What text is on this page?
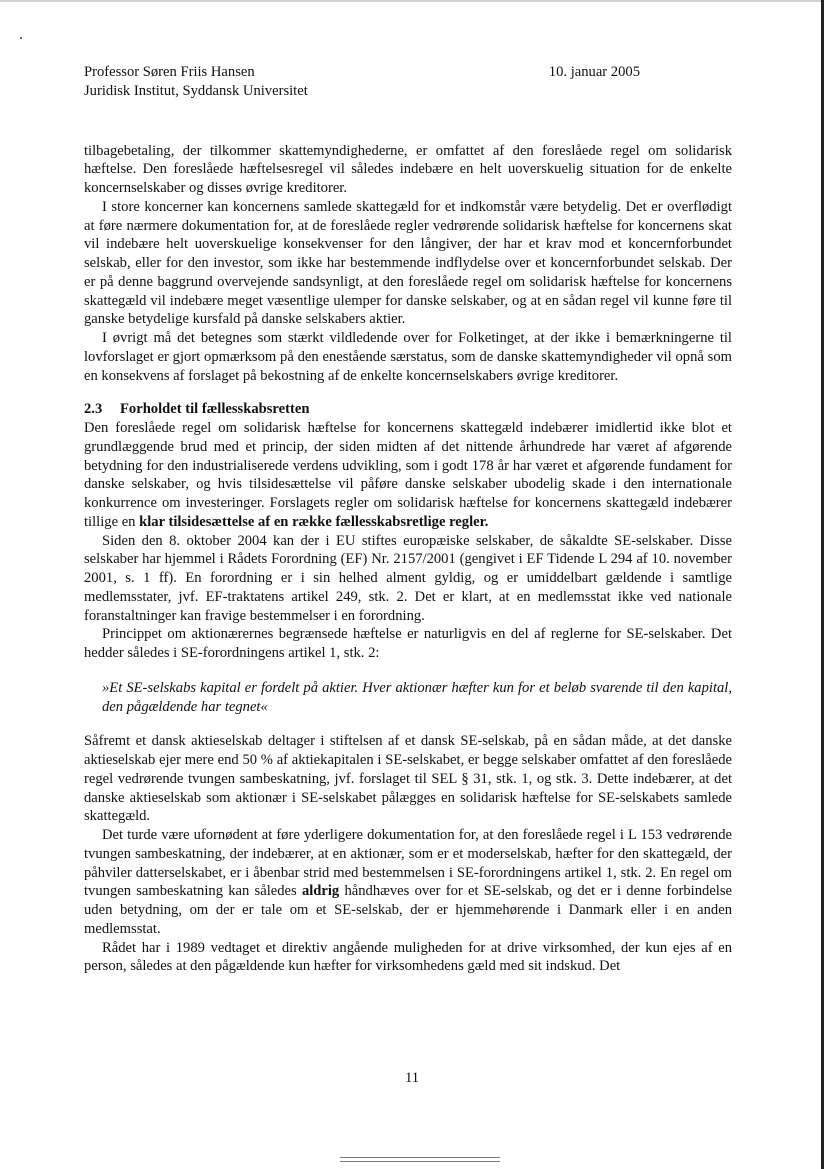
Professor Søren Friis Hansen
Juridisk Institut, Syddansk Universitet
10. januar 2005

tilbagebetaling, der tilkommer skattemyndighederne, er omfattet af den foreslåede regel om solidarisk hæftelse. Den foreslåede hæftelsesregel vil således indebære en helt uoverskuelig situation for de enkelte koncernselskaber og disses øvrige kreditorer.

I store koncerner kan koncernens samlede skattegæld for et indkomstår være betydelig. Det er overflødigt at føre nærmere dokumentation for, at de foreslåede regler vedrørende solidarisk hæftelse for koncernens skat vil indebære helt uoverskuelige konsekvenser for den långiver, der har et krav mod et koncernforbundet selskab, eller for den investor, som ikke har bestemmende indflydelse over et koncernforbundet selskab. Der er på denne baggrund overvejende sandsynligt, at den foreslåede regel om solidarisk hæftelse for koncernens skattegæld vil indebære meget væsentlige ulemper for danske selskaber, og at en sådan regel vil kunne føre til ganske betydelige kursfald på danske selskabers aktier.

I øvrigt må det betegnes som stærkt vildledende over for Folketinget, at der ikke i bemærkningerne til lovforslaget er gjort opmærksom på den enestående særstatus, som de danske skattemyndigheder vil opnå som en konsekvens af forslaget på bekostning af de enkelte koncernselskabers øvrige kreditorer.

2.3 Forholdet til fællesskabsretten

Den foreslåede regel om solidarisk hæftelse for koncernens skattegæld indebærer imidlertid ikke blot et grundlæggende brud med et princip, der siden midten af det nittende århundrede har været af afgørende betydning for den industrialiserede verdens udvikling, som i godt 178 år har været et afgørende fundament for danske selskaber, og hvis tilsidesættelse vil påføre danske selskaber ubodelig skade i den internationale konkurrence om investeringer. Forslagets regler om solidarisk hæftelse for koncernens skattegæld indebærer tillige en klar tilsidesættelse af en række fællesskabsretlige regler.

Siden den 8. oktober 2004 kan der i EU stiftes europæiske selskaber, de såkaldte SE-selskaber. Disse selskaber har hjemmel i Rådets Forordning (EF) Nr. 2157/2001 (gengivet i EF Tidende L 294 af 10. november 2001, s. 1 ff). En forordning er i sin helhed alment gyldig, og er umiddelbart gældende i samtlige medlemsstater, jvf. EF-traktatens artikel 249, stk. 2. Det er klart, at en medlemsstat ikke ved nationale foranstaltninger kan fravige bestemmelser i en forordning.

Princippet om aktionærernes begrænsede hæftelse er naturligvis en del af reglerne for SE-selskaber. Det hedder således i SE-forordningens artikel 1, stk. 2:

»Et SE-selskabs kapital er fordelt på aktier. Hver aktionær hæfter kun for et beløb svarende til den kapital, den pågældende har tegnet«

Såfremt et dansk aktieselskab deltager i stiftelsen af et dansk SE-selskab, på en sådan måde, at det danske aktieselskab ejer mere end 50 % af aktiekapitalen i SE-selskabet, er begge selskaber omfattet af den foreslåede regel vedrørende tvungen sambeskatning, jvf. forslaget til SEL § 31, stk. 1, og stk. 3. Dette indebærer, at det danske aktieselskab som aktionær i SE-selskabet pålægges en solidarisk hæftelse for SE-selskabets samlede skattegæld.

Det turde være ufornødent at føre yderligere dokumentation for, at den foreslåede regel i L 153 vedrørende tvungen sambeskatning, der indebærer, at en aktionær, som er et moderselskab, hæfter for den skattegæld, der påhviler datterselskabet, er i åbenbar strid med bestemmelsen i SE-forordningens artikel 1, stk. 2. En regel om tvungen sambeskatning kan således aldrig håndhæves over for et SE-selskab, og det er i denne forbindelse uden betydning, om der er tale om et SE-selskab, der er hjemmehørende i Danmark eller i en anden medlemsstat.

Rådet har i 1989 vedtaget et direktiv angående muligheden for at drive virksomhed, der kun ejes af en person, således at den pågældende kun hæfter for virksomhedens gæld med sit indskud. Det

11
